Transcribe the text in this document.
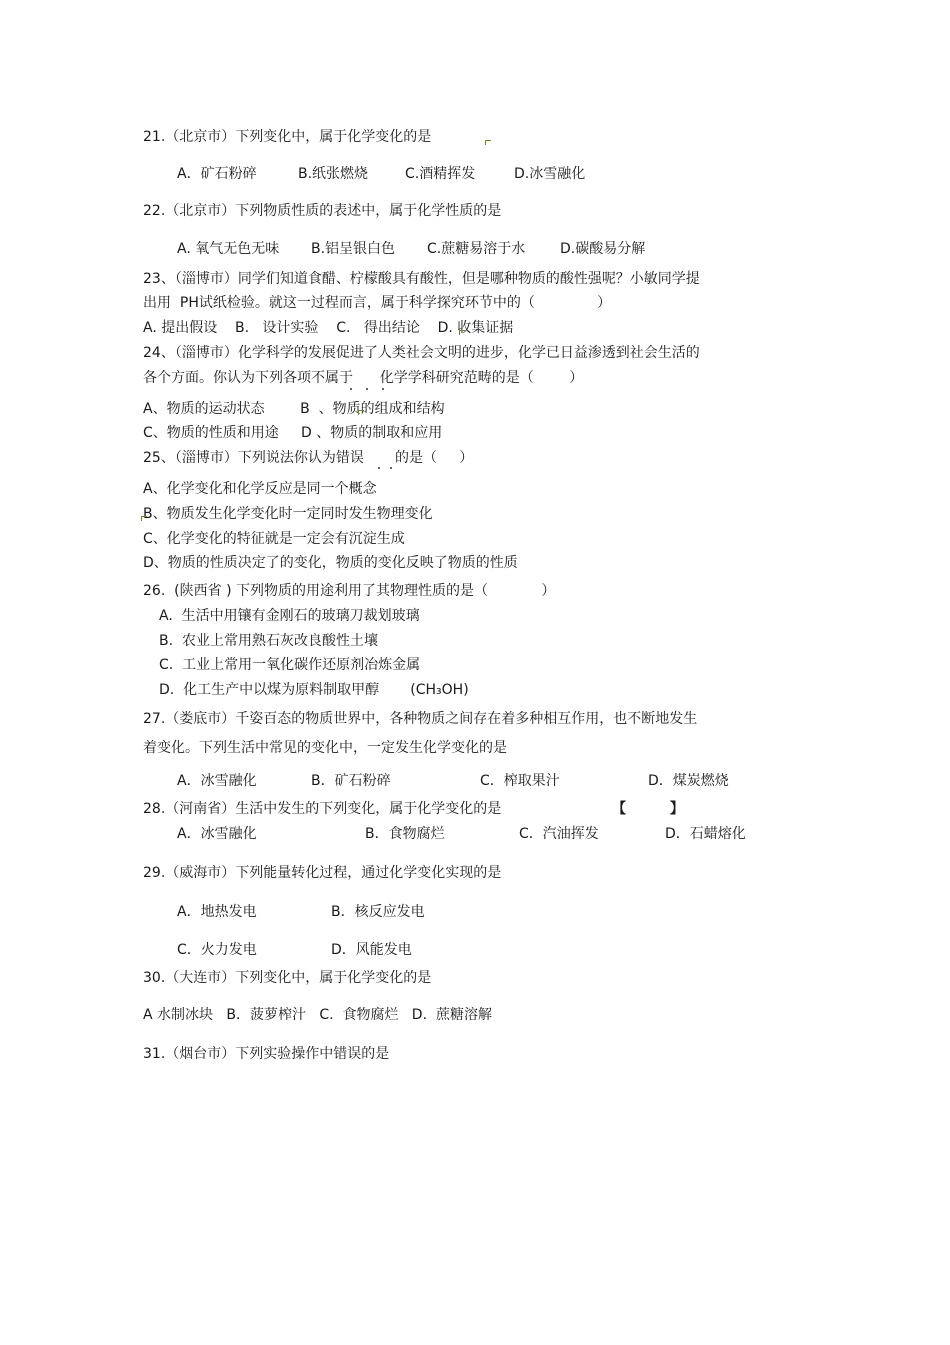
21.（北京市）下列变化中，属于化学变化的是
A．矿石粉碎	B.纸张燃烧	C.酒精挥发	D.冰雪融化
22.（北京市）下列物质性质的表述中，属于化学性质的是
A. 氧气无色无味 B.铝呈银白色 C.蔗糖易溶于水 D.碳酸易分解
23、（淄博市）同学们知道食醋、柠檬酸具有酸性，但是哪种物质的酸性强呢？小敏同学提
出用  PH试纸检验。就这一过程而言，属于科学探究环节中的（              ）
A. 提出假设    B.   设计实验    C.   得出结论    D. 收集证据
24、（淄博市）化学科学的发展促进了人类社会文明的进步，化学已日益渗透到社会生活的
各个方面。你认为下列各项不属于      化学学科研究范畴的是（        ）
A、物质的运动状态        B  、物质的组成和结构
C、物质的性质和用途     D 、物质的制取和应用
25、（淄博市）下列说法你认为错误       的是（     ）
A、化学变化和化学反应是同一个概念
B、物质发生化学变化时一定同时发生物理变化
C、化学变化的特征就是一定会有沉淀生成
D、物质的性质决定了的变化，物质的变化反映了物质的性质
26.  (陕西省 ) 下列物质的用途利用了其物理性质的是（            ）
A.  生活中用镶有金刚石的玻璃刀裁划玻璃
B.  农业上常用熟石灰改良酸性土壤
C.  工业上常用一氧化碳作还原剂冶炼金属
D.  化工生产中以煤为原料制取甲醇       (CH₃OH)
27.（娄底市）千姿百态的物质世界中，各种物质之间存在着多种相互作用，也不断地发生
着变化。下列生活中常见的变化中，一定发生化学变化的是
A．冰雪融化	B．矿石粉碎	C．榨取果汁	D．煤炭燃烧
28.（河南省）生活中发生的下列变化，属于化学变化的是	【         】
A．冰雪融化	B．食物腐烂	C．汽油挥发	D．石蜡熔化
29.（威海市）下列能量转化过程，通过化学变化实现的是
A．地热发电	B．核反应发电
C．火力发电	D．风能发电
30.（大连市）下列变化中，属于化学变化的是
A 水制冰块   B．菠萝榨汁   C.  食物腐烂   D.  蔗糖溶解
31.（烟台市）下列实验操作中错误的是
